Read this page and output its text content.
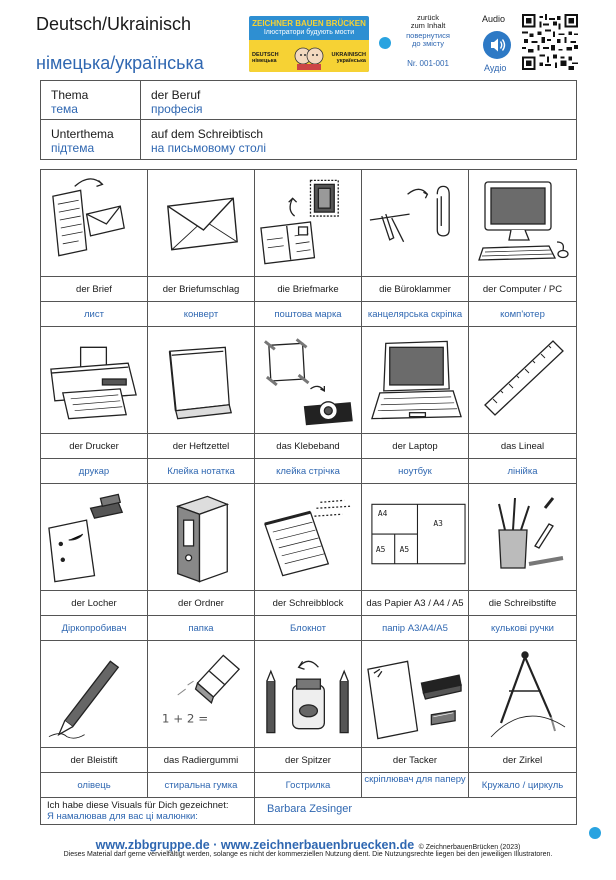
Deutsch/Ukrainisch
німецька/українська
ZEICHNER BAUEN BRÜCKEN
Ілюстратори будують мости
DEUTSCH
німецька
UKRAINISCH
українська
zurück
zum Inhalt
повернутися
до змісту
Nr. 001-001
Audio
Аудіо
Thema
тема
der Beruf
професія
Unterthema
підтема
auf dem Schreibtisch
на письмовому столі
der Brief
лист
der Briefumschlag
конверт
die Briefmarke
поштова марка
die Büroklammer
канцелярська скріпка
der Computer / PC
комп'ютер
der Drucker
друкар
der Heftzettel
Клейка нотатка
das Klebeband
клейка стрічка
der Laptop
ноутбук
das Lineal
лінійка
der Locher
Діркопробивач
der Ordner
папка
der Schreibblock
Блокнот
A4
A3
A5 A5
das Papier A3 / A4 / A5
папір A3/A4/A5
die Schreibstifte
кулькові ручки
der Bleistift
олівець
1 + 2 =
das Radiergummi
стиральна гумка
der Spitzer
Гострилка
der Tacker
скріплювач для паперу
der Zirkel
Кружало / циркуль
Ich habe diese Visuals für Dich gezeichnet:
Я намалював для вас ці малюнки:
Barbara Zesinger
www.zbbgruppe.de · www.zeichnerbauenbruecken.de © ZeichnerbauenBrücken (2023)
Dieses Material darf gerne vervielfältigt werden, solange es nicht der kommerziellen Nutzung dient. Die Nutzungsrechte liegen bei den jeweiligen Illustratoren.
